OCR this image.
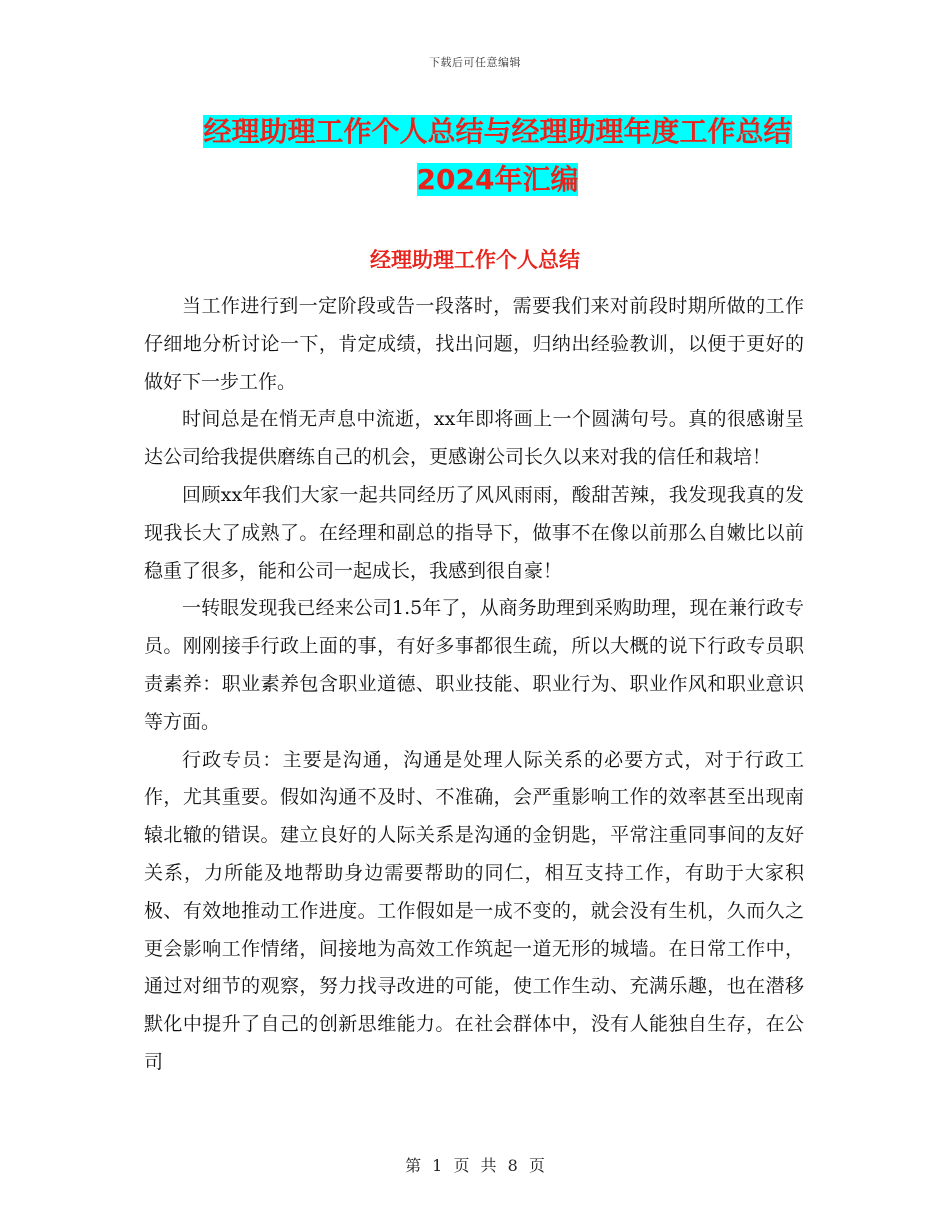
下载后可任意编辑
经理助理工作个人总结与经理助理年度工作总结2024年汇编
经理助理工作个人总结

当工作进行到一定阶段或告一段落时，需要我们来对前段时期所做的工作仔细地分析讨论一下，肯定成绩，找出问题，归纳出经验教训，以便于更好的做好下一步工作。

时间总是在悄无声息中流逝，xx年即将画上一个圆满句号。真的很感谢呈达公司给我提供磨练自己的机会，更感谢公司长久以来对我的信任和栽培！

回顾xx年我们大家一起共同经历了风风雨雨，酸甜苦辣，我发现我真的发现我长大了成熟了。在经理和副总的指导下，做事不在像以前那么自嫩比以前稳重了很多，能和公司一起成长，我感到很自豪！

一转眼发现我已经来公司1.5年了，从商务助理到采购助理，现在兼行政专员。刚刚接手行政上面的事，有好多事都很生疏，所以大概的说下行政专员职责素养：职业素养包含职业道德、职业技能、职业行为、职业作风和职业意识等方面。

行政专员：主要是沟通，沟通是处理人际关系的必要方式，对于行政工作，尤其重要。假如沟通不及时、不准确，会严重影响工作的效率甚至出现南辕北辙的错误。建立良好的人际关系是沟通的金钥匙，平常注重同事间的友好关系，力所能及地帮助身边需要帮助的同仁，相互支持工作，有助于大家积极、有效地推动工作进度。工作假如是一成不变的，就会没有生机，久而久之更会影响工作情绪，间接地为高效工作筑起一道无形的城墙。在日常工作中，通过对细节的观察，努力找寻改进的可能，使工作生动、充满乐趣，也在潜移默化中提升了自己的创新思维能力。在社会群体中，没有人能独自生存，在公司

第 1 页 共 8 页
